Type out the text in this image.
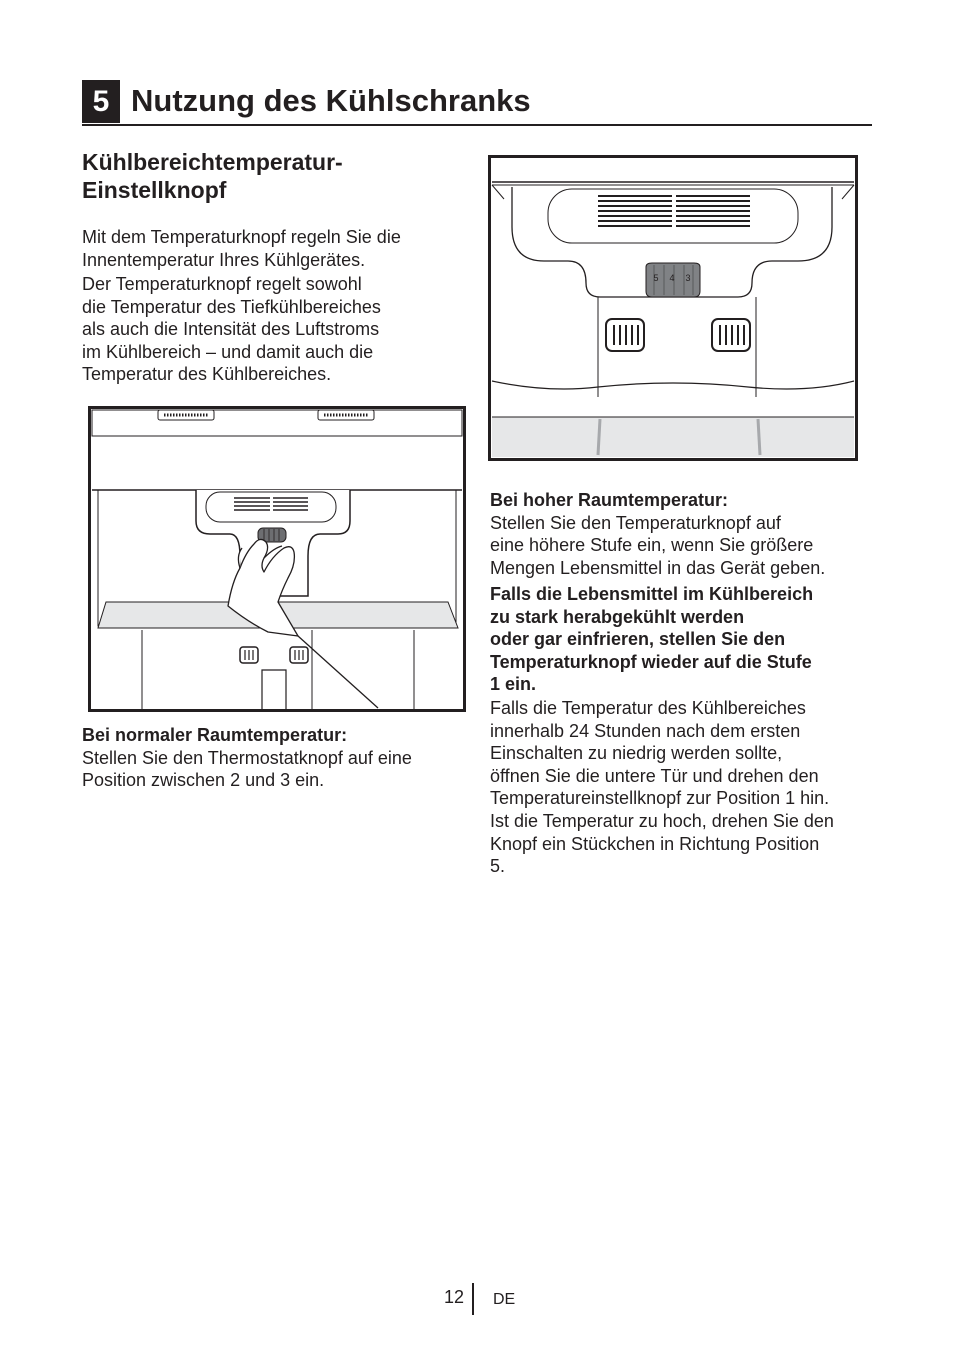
5 Nutzung des Kühlschranks
Kühlbereichtemperatur-
Einstellknopf

Mit dem Temperaturknopf regeln Sie die
Innentemperatur Ihres Kühlgerätes.

Der Temperaturknopf regelt sowohl
die Temperatur des Tiefkühlbereiches
als auch die Intensität des Luftstroms
im Kühlbereich – und damit auch die
Temperatur des Kühlbereiches.

Bei normaler Raumtemperatur:
Stellen Sie den Thermostatknopf auf eine
Position zwischen 2 und 3 ein.

5 4 3

Bei hoher Raumtemperatur:
Stellen Sie den Temperaturknopf auf
eine höhere Stufe ein, wenn Sie größere
Mengen Lebensmittel in das Gerät geben.

Falls die Lebensmittel im Kühlbereich
zu stark herabgekühlt werden
oder gar einfrieren, stellen Sie den
Temperaturknopf wieder auf die Stufe
1 ein.

Falls die Temperatur des Kühlbereiches
innerhalb 24 Stunden nach dem ersten
Einschalten zu niedrig werden sollte,
öffnen Sie die untere Tür und drehen den
Temperatureinstellknopf zur Position 1 hin.
Ist die Temperatur zu hoch, drehen Sie den
Knopf ein Stückchen in Richtung Position
5.

12 DE
